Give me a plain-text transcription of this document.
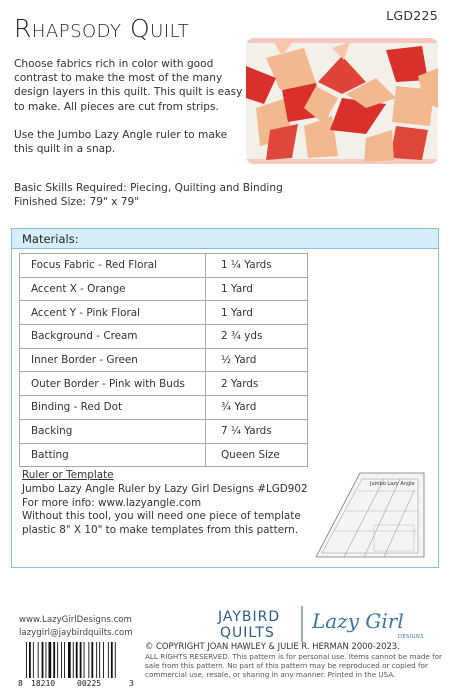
LGD225
Rhapsody Quilt

Choose fabrics rich in color with good contrast to make the most of the many design layers in this quilt. This quilt is easy to make. All pieces are cut from strips.

Use the Jumbo Lazy Angle ruler to make this quilt in a snap.

Basic Skills Required: Piecing, Quilting and Binding
Finished Size: 79" x 79"
Materials:
Focus Fabric - Red Floral	1 ¼ Yards
Accent X - Orange	1 Yard
Accent Y - Pink Floral	1 Yard
Background - Cream	2 ¾ yds
Inner Border - Green	½ Yard
Outer Border - Pink with Buds	2 Yards
Binding - Red Dot	¾ Yard
Backing	7 ¼ Yards
Batting	Queen Size
Ruler or Template
Jumbo Lazy Angle Ruler by Lazy Girl Designs #LGD902
For more info: www.lazyangle.com
Without this tool, you will need one piece of template
plastic 8" X 10" to make templates from this pattern.
Jumbo Lazy Angle
www.LazyGirlDesigns.com
lazygirl@jaybirdquilts.com
8 18210	00225	3
JAYBIRD
QUILTS Lazy Girl
DESIGNS
© COPYRIGHT JOAN HAWLEY & JULIE R. HERMAN 2000-2023.
ALL RIGHTS RESERVED. This pattern is for personal use. Items cannot be made for sale from this pattern. No part of this pattern may be reproduced or copied for commercial use, resale, or sharing in any manner. Printed in the USA.
